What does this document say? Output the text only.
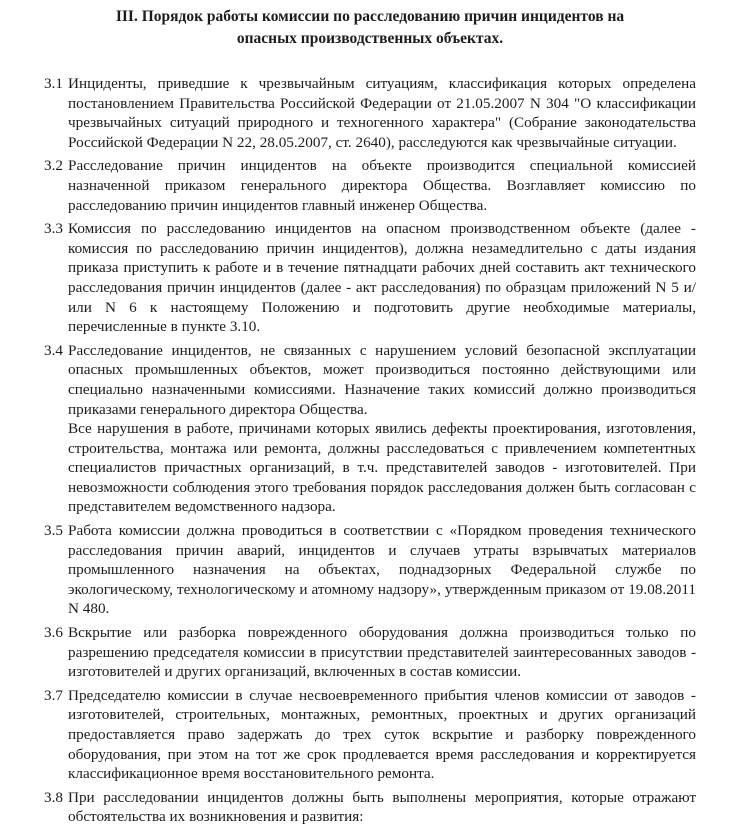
III. Порядок работы комиссии по расследованию причин инцидентов на опасных производственных объектах.
3.1 Инциденты, приведшие к чрезвычайным ситуациям, классификация которых определена постановлением Правительства Российской Федерации от 21.05.2007 N 304 "О классификации чрезвычайных ситуаций природного и техногенного характера" (Собрание законодательства Российской Федерации N 22, 28.05.2007, ст. 2640), расследуются как чрезвычайные ситуации.

3.2 Расследование причин инцидентов на объекте производится специальной комиссией назначенной приказом генерального директора Общества. Возглавляет комиссию по расследованию причин инцидентов главный инженер Общества.

3.3 Комиссия по расследованию инцидентов на опасном производственном объекте (далее - комиссия по расследованию причин инцидентов), должна незамедлительно с даты издания приказа приступить к работе и в течение пятнадцати рабочих дней составить акт технического расследования причин инцидентов (далее - акт расследования) по образцам приложений N 5 и/или N 6 к настоящему Положению и подготовить другие необходимые материалы, перечисленные в пункте 3.10.

3.4 Расследование инцидентов, не связанных с нарушением условий безопасной эксплуатации опасных промышленных объектов, может производиться постоянно действующими или специально назначенными комиссиями. Назначение таких комиссий должно производиться приказами генерального директора Общества.

Все нарушения в работе, причинами которых явились дефекты проектирования, изготовления, строительства, монтажа или ремонта, должны расследоваться с привлечением компетентных специалистов причастных организаций, в т.ч. представителей заводов - изготовителей. При невозможности соблюдения этого требования порядок расследования должен быть согласован с представителем ведомственного надзора.

3.5 Работа комиссии должна проводиться в соответствии с «Порядком проведения технического расследования причин аварий, инцидентов и случаев утраты взрывчатых материалов промышленного назначения на объектах, поднадзорных Федеральной службе по экологическому, технологическому и атомному надзору», утвержденным приказом от 19.08.2011 N 480.

3.6 Вскрытие или разборка поврежденного оборудования должна производиться только по разрешению председателя комиссии в присутствии представителей заинтересованных заводов - изготовителей и других организаций, включенных в состав комиссии.

3.7 Председателю комиссии в случае несвоевременного прибытия членов комиссии от заводов - изготовителей, строительных, монтажных, ремонтных, проектных и других организаций предоставляется право задержать до трех суток вскрытие и разборку поврежденного оборудования, при этом на тот же срок продлевается время расследования и корректируется классификационное время восстановительного ремонта.

3.8 При расследовании инцидентов должны быть выполнены мероприятия, которые отражают обстоятельства их возникновения и развития:
